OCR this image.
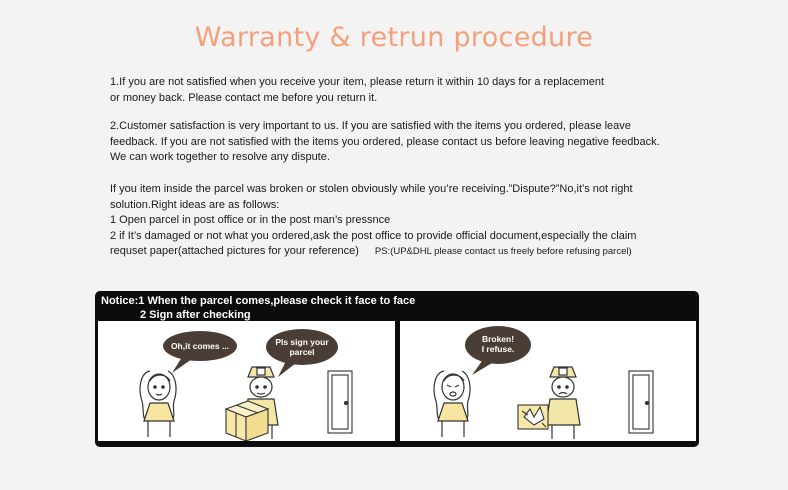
Warranty & retrun procedure
1.If you are not satisfied when you receive your item, please return it within 10 days for a replacement
or money back. Please contact me before you return it.
2.Customer satisfaction is very important to us. If you are satisfied with the items you ordered, please leave
feedback. If you are not satisfied with the items you ordered, please contact us before leaving negative feedback.
We can work together to resolve any dispute.
If you item inside the parcel was broken or stolen obviously while you’re receiving.”Dispute?”No,it’s not right
solution.Right ideas are as follows:
1 Open parcel in post office or in the post man’s pressnce
2 if It’s damaged or not what you ordered,ask the post office to provide official document,especially the claim
requset paper(attached pictures for your reference) PS:(UP&DHL please contact us freely before refusing parcel)
Notice:1 When the parcel comes,please check it face to face
2 Sign after checking
Oh,it comes ...	Pls sign your
parcel
Broken!
I refuse.
